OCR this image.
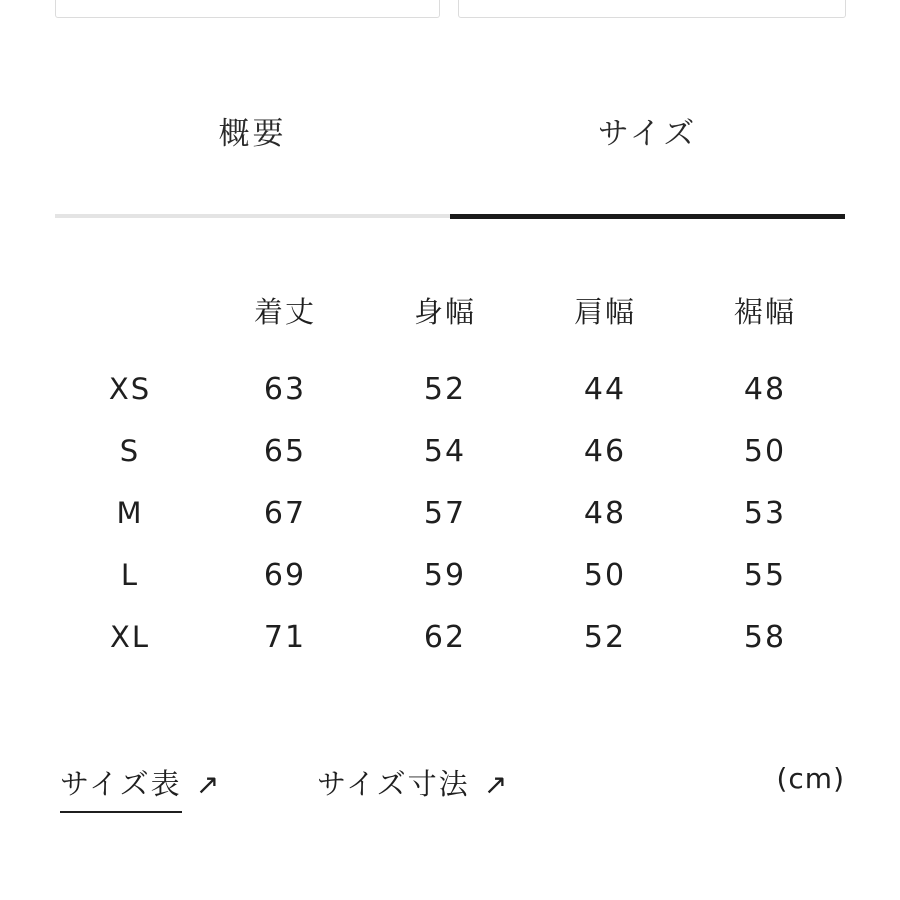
概要	サイズ
	着丈	身幅	肩幅	裾幅
XS	63	52	44	48
S	65	54	46	50
M	67	57	48	53
L	69	59	50	55
XL	71	62	52	58
サイズ表 ↗	サイズ寸法 ↗	(cm)
